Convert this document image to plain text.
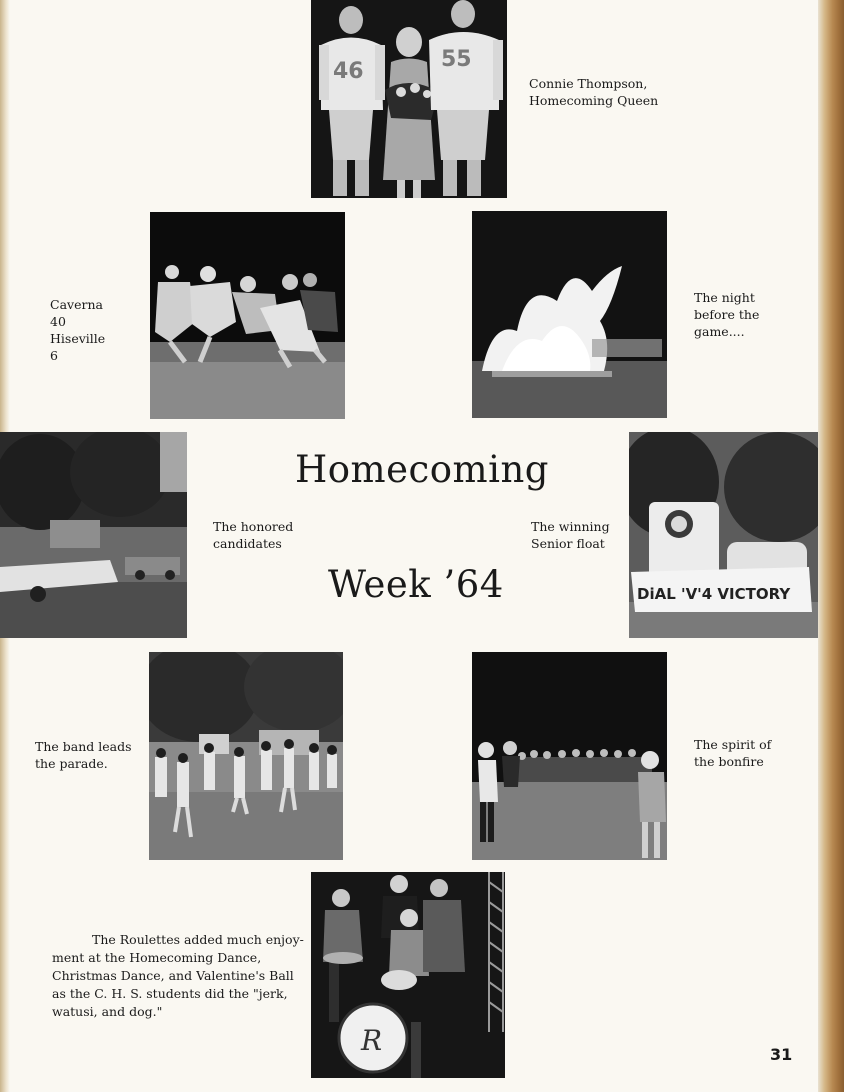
46	55
Connie Thompson,
Homecoming Queen
Caverna
40
Hiseville
6
The night
before the
game....
Homecoming
Week ’64
The honored
candidates
DiAL 'V'4 VICTORY
The winning
Senior float
The band leads
the parade.
The spirit of
the bonfire
R
The Roulettes added much enjoy-
ment at the Homecoming Dance,
Christmas Dance, and Valentine's Ball
as the C. H. S. students did the "jerk,
watusi, and dog."
31
